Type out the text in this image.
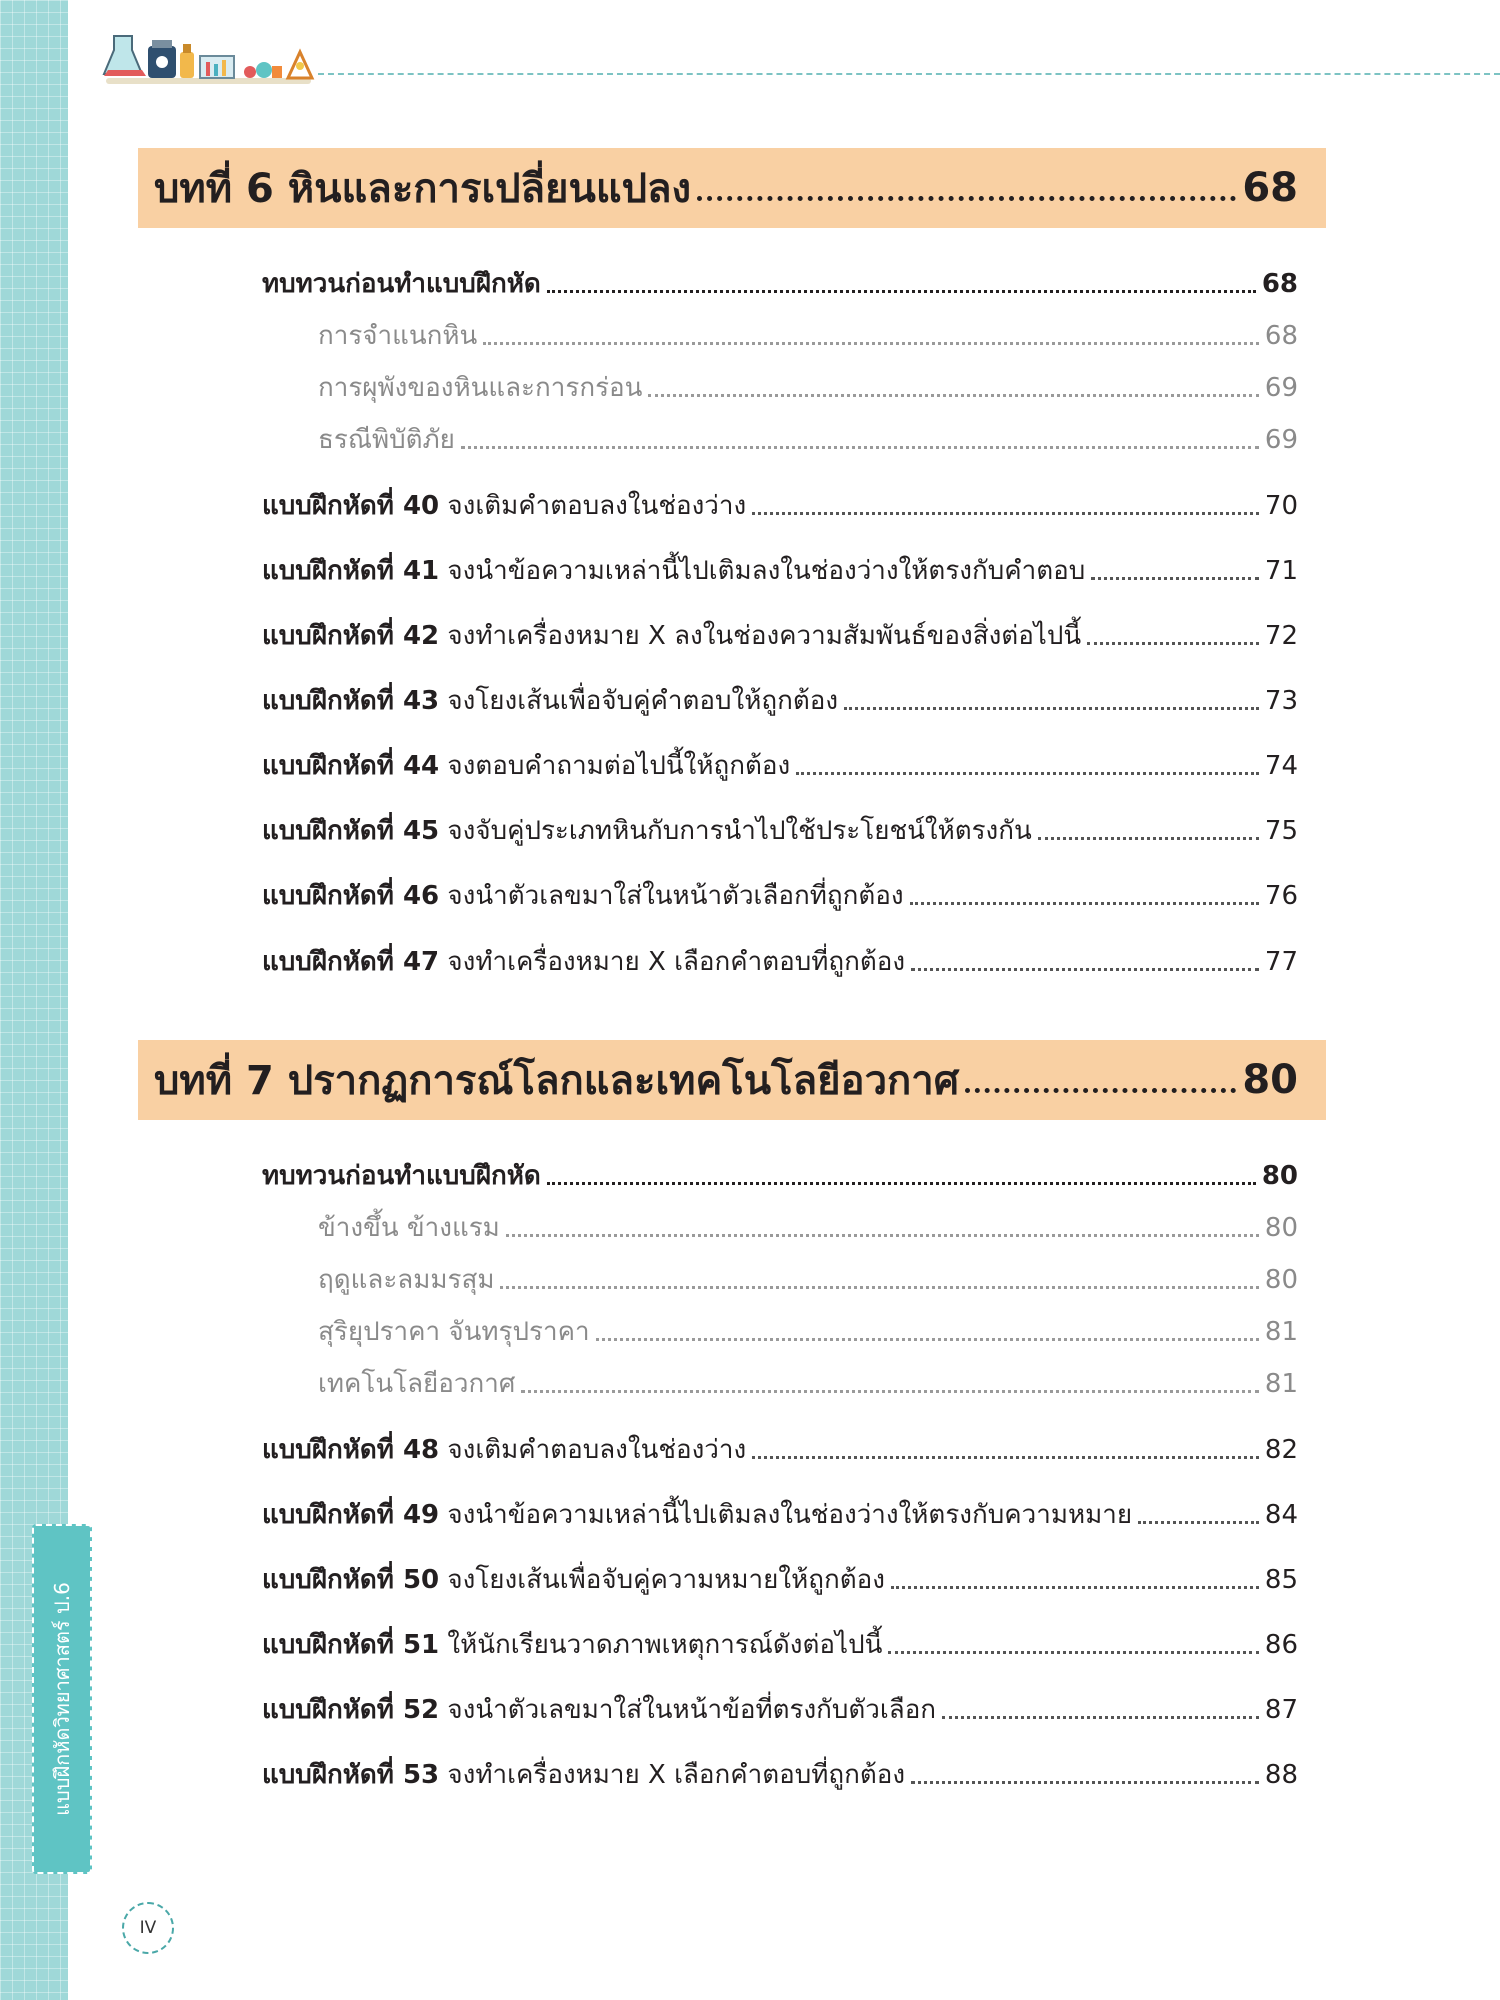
แบบฝึกหัดวิทยาศาสตร์ ป.6
บทที่ 6 หินและการเปลี่ยนแปลง	68
ทบทวนก่อนทำแบบฝึกหัด	68
การจำแนกหิน	68
การผุพังของหินและการกร่อน	69
ธรณีพิบัติภัย	69
แบบฝึกหัดที่ 40 จงเติมคำตอบลงในช่องว่าง	70
แบบฝึกหัดที่ 41 จงนำข้อความเหล่านี้ไปเติมลงในช่องว่างให้ตรงกับคำตอบ	71
แบบฝึกหัดที่ 42 จงทำเครื่องหมาย X ลงในช่องความสัมพันธ์ของสิ่งต่อไปนี้	72
แบบฝึกหัดที่ 43 จงโยงเส้นเพื่อจับคู่คำตอบให้ถูกต้อง	73
แบบฝึกหัดที่ 44 จงตอบคำถามต่อไปนี้ให้ถูกต้อง	74
แบบฝึกหัดที่ 45 จงจับคู่ประเภทหินกับการนำไปใช้ประโยชน์ให้ตรงกัน	75
แบบฝึกหัดที่ 46 จงนำตัวเลขมาใส่ในหน้าตัวเลือกที่ถูกต้อง	76
แบบฝึกหัดที่ 47 จงทำเครื่องหมาย X เลือกคำตอบที่ถูกต้อง	77
บทที่ 7 ปรากฏการณ์โลกและเทคโนโลยีอวกาศ	80
ทบทวนก่อนทำแบบฝึกหัด	80
ข้างขึ้น ข้างแรม	80
ฤดูและลมมรสุม	80
สุริยุปราคา จันทรุปราคา	81
เทคโนโลยีอวกาศ	81
แบบฝึกหัดที่ 48 จงเติมคำตอบลงในช่องว่าง	82
แบบฝึกหัดที่ 49 จงนำข้อความเหล่านี้ไปเติมลงในช่องว่างให้ตรงกับความหมาย	84
แบบฝึกหัดที่ 50 จงโยงเส้นเพื่อจับคู่ความหมายให้ถูกต้อง	85
แบบฝึกหัดที่ 51 ให้นักเรียนวาดภาพเหตุการณ์ดังต่อไปนี้	86
แบบฝึกหัดที่ 52 จงนำตัวเลขมาใส่ในหน้าข้อที่ตรงกับตัวเลือก	87
แบบฝึกหัดที่ 53 จงทำเครื่องหมาย X เลือกคำตอบที่ถูกต้อง	88
IV
